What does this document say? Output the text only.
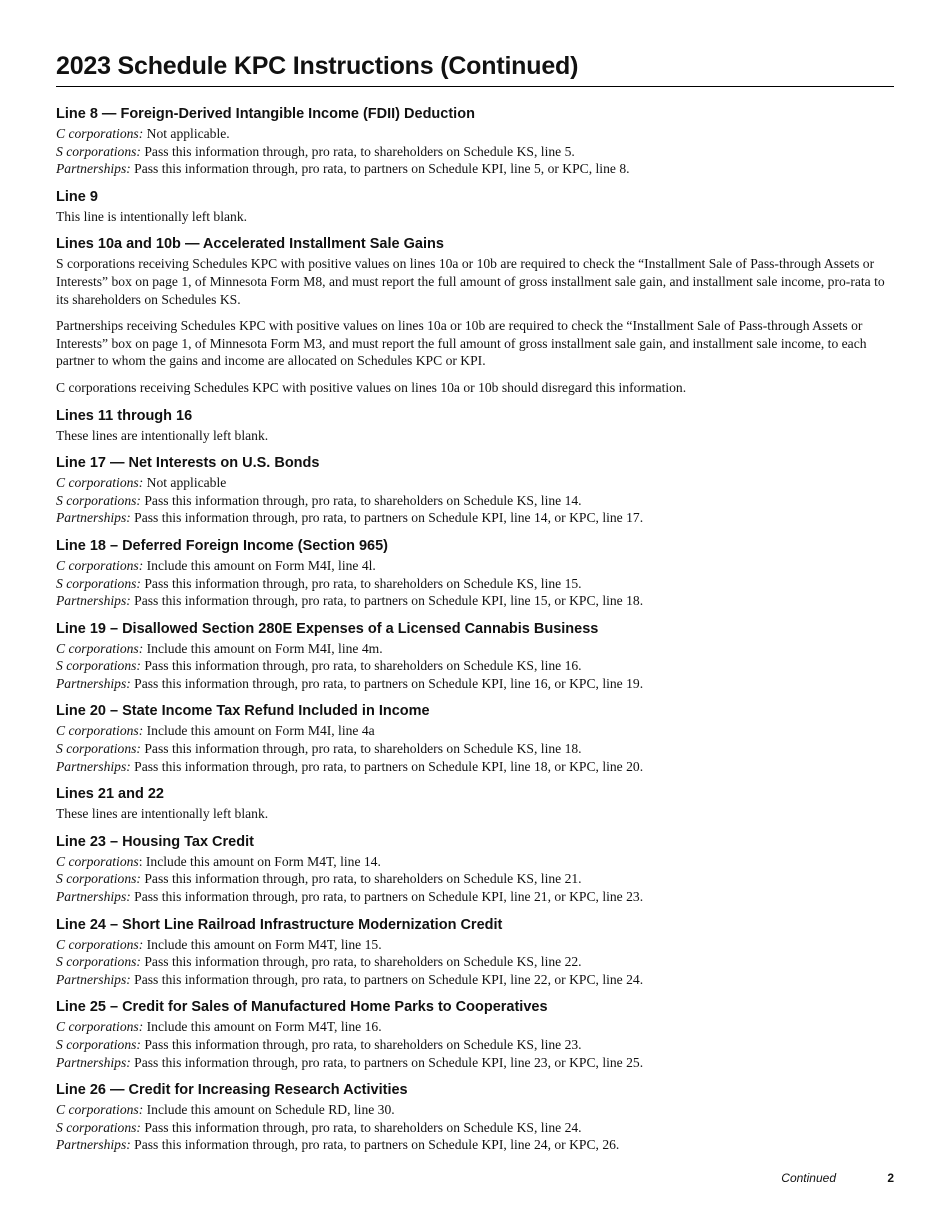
2023 Schedule KPC Instructions (Continued)
Line 8 — Foreign-Derived Intangible Income (FDII) Deduction

C corporations: Not applicable.

S corporations: Pass this information through, pro rata, to shareholders on Schedule KS, line 5.

Partnerships: Pass this information through, pro rata, to partners on Schedule KPI, line 5, or KPC, line 8.

Line 9

This line is intentionally left blank.

Lines 10a and 10b — Accelerated Installment Sale Gains

S corporations receiving Schedules KPC with positive values on lines 10a or 10b are required to check the “Installment Sale of Pass-through Assets or Interests” box on page 1, of Minnesota Form M8, and must report the full amount of gross installment sale gain, and installment sale income, pro-rata to its shareholders on Schedules KS.

Partnerships receiving Schedules KPC with positive values on lines 10a or 10b are required to check the “Installment Sale of Pass-through Assets or Interests” box on page 1, of Minnesota Form M3, and must report the full amount of gross installment sale gain, and installment sale income, to each partner to whom the gains and income are allocated on Schedules KPC or KPI.

C corporations receiving Schedules KPC with positive values on lines 10a or 10b should disregard this information.

Lines 11 through 16

These lines are intentionally left blank.

Line 17 — Net Interests on U.S. Bonds

C corporations: Not applicable

S corporations: Pass this information through, pro rata, to shareholders on Schedule KS, line 14.

Partnerships: Pass this information through, pro rata, to partners on Schedule KPI, line 14, or KPC, line 17.

Line 18 – Deferred Foreign Income (Section 965)

C corporations: Include this amount on Form M4I, line 4l.

S corporations: Pass this information through, pro rata, to shareholders on Schedule KS, line 15.

Partnerships: Pass this information through, pro rata, to partners on Schedule KPI, line 15, or KPC, line 18.

Line 19 – Disallowed Section 280E Expenses of a Licensed Cannabis Business

C corporations: Include this amount on Form M4I, line 4m.

S corporations: Pass this information through, pro rata, to shareholders on Schedule KS, line 16.

Partnerships: Pass this information through, pro rata, to partners on Schedule KPI, line 16, or KPC, line 19.

Line 20 – State Income Tax Refund Included in Income

C corporations: Include this amount on Form M4I, line 4a

S corporations: Pass this information through, pro rata, to shareholders on Schedule KS, line 18.

Partnerships: Pass this information through, pro rata, to partners on Schedule KPI, line 18, or KPC, line 20.

Lines 21 and 22

These lines are intentionally left blank.

Line 23 – Housing Tax Credit

C corporations: Include this amount on Form M4T, line 14.

S corporations: Pass this information through, pro rata, to shareholders on Schedule KS, line 21.

Partnerships: Pass this information through, pro rata, to partners on Schedule KPI, line 21, or KPC, line 23.

Line 24 – Short Line Railroad Infrastructure Modernization Credit

C corporations: Include this amount on Form M4T, line 15.

S corporations: Pass this information through, pro rata, to shareholders on Schedule KS, line 22.

Partnerships: Pass this information through, pro rata, to partners on Schedule KPI, line 22, or KPC, line 24.

Line 25 – Credit for Sales of Manufactured Home Parks to Cooperatives

C corporations: Include this amount on Form M4T, line 16.

S corporations: Pass this information through, pro rata, to shareholders on Schedule KS, line 23.

Partnerships: Pass this information through, pro rata, to partners on Schedule KPI, line 23, or KPC, line 25.

Line 26 — Credit for Increasing Research Activities

C corporations: Include this amount on Schedule RD, line 30.

S corporations: Pass this information through, pro rata, to shareholders on Schedule KS, line 24.

Partnerships: Pass this information through, pro rata, to partners on Schedule KPI, line 24, or KPC, 26.

Continued	2
